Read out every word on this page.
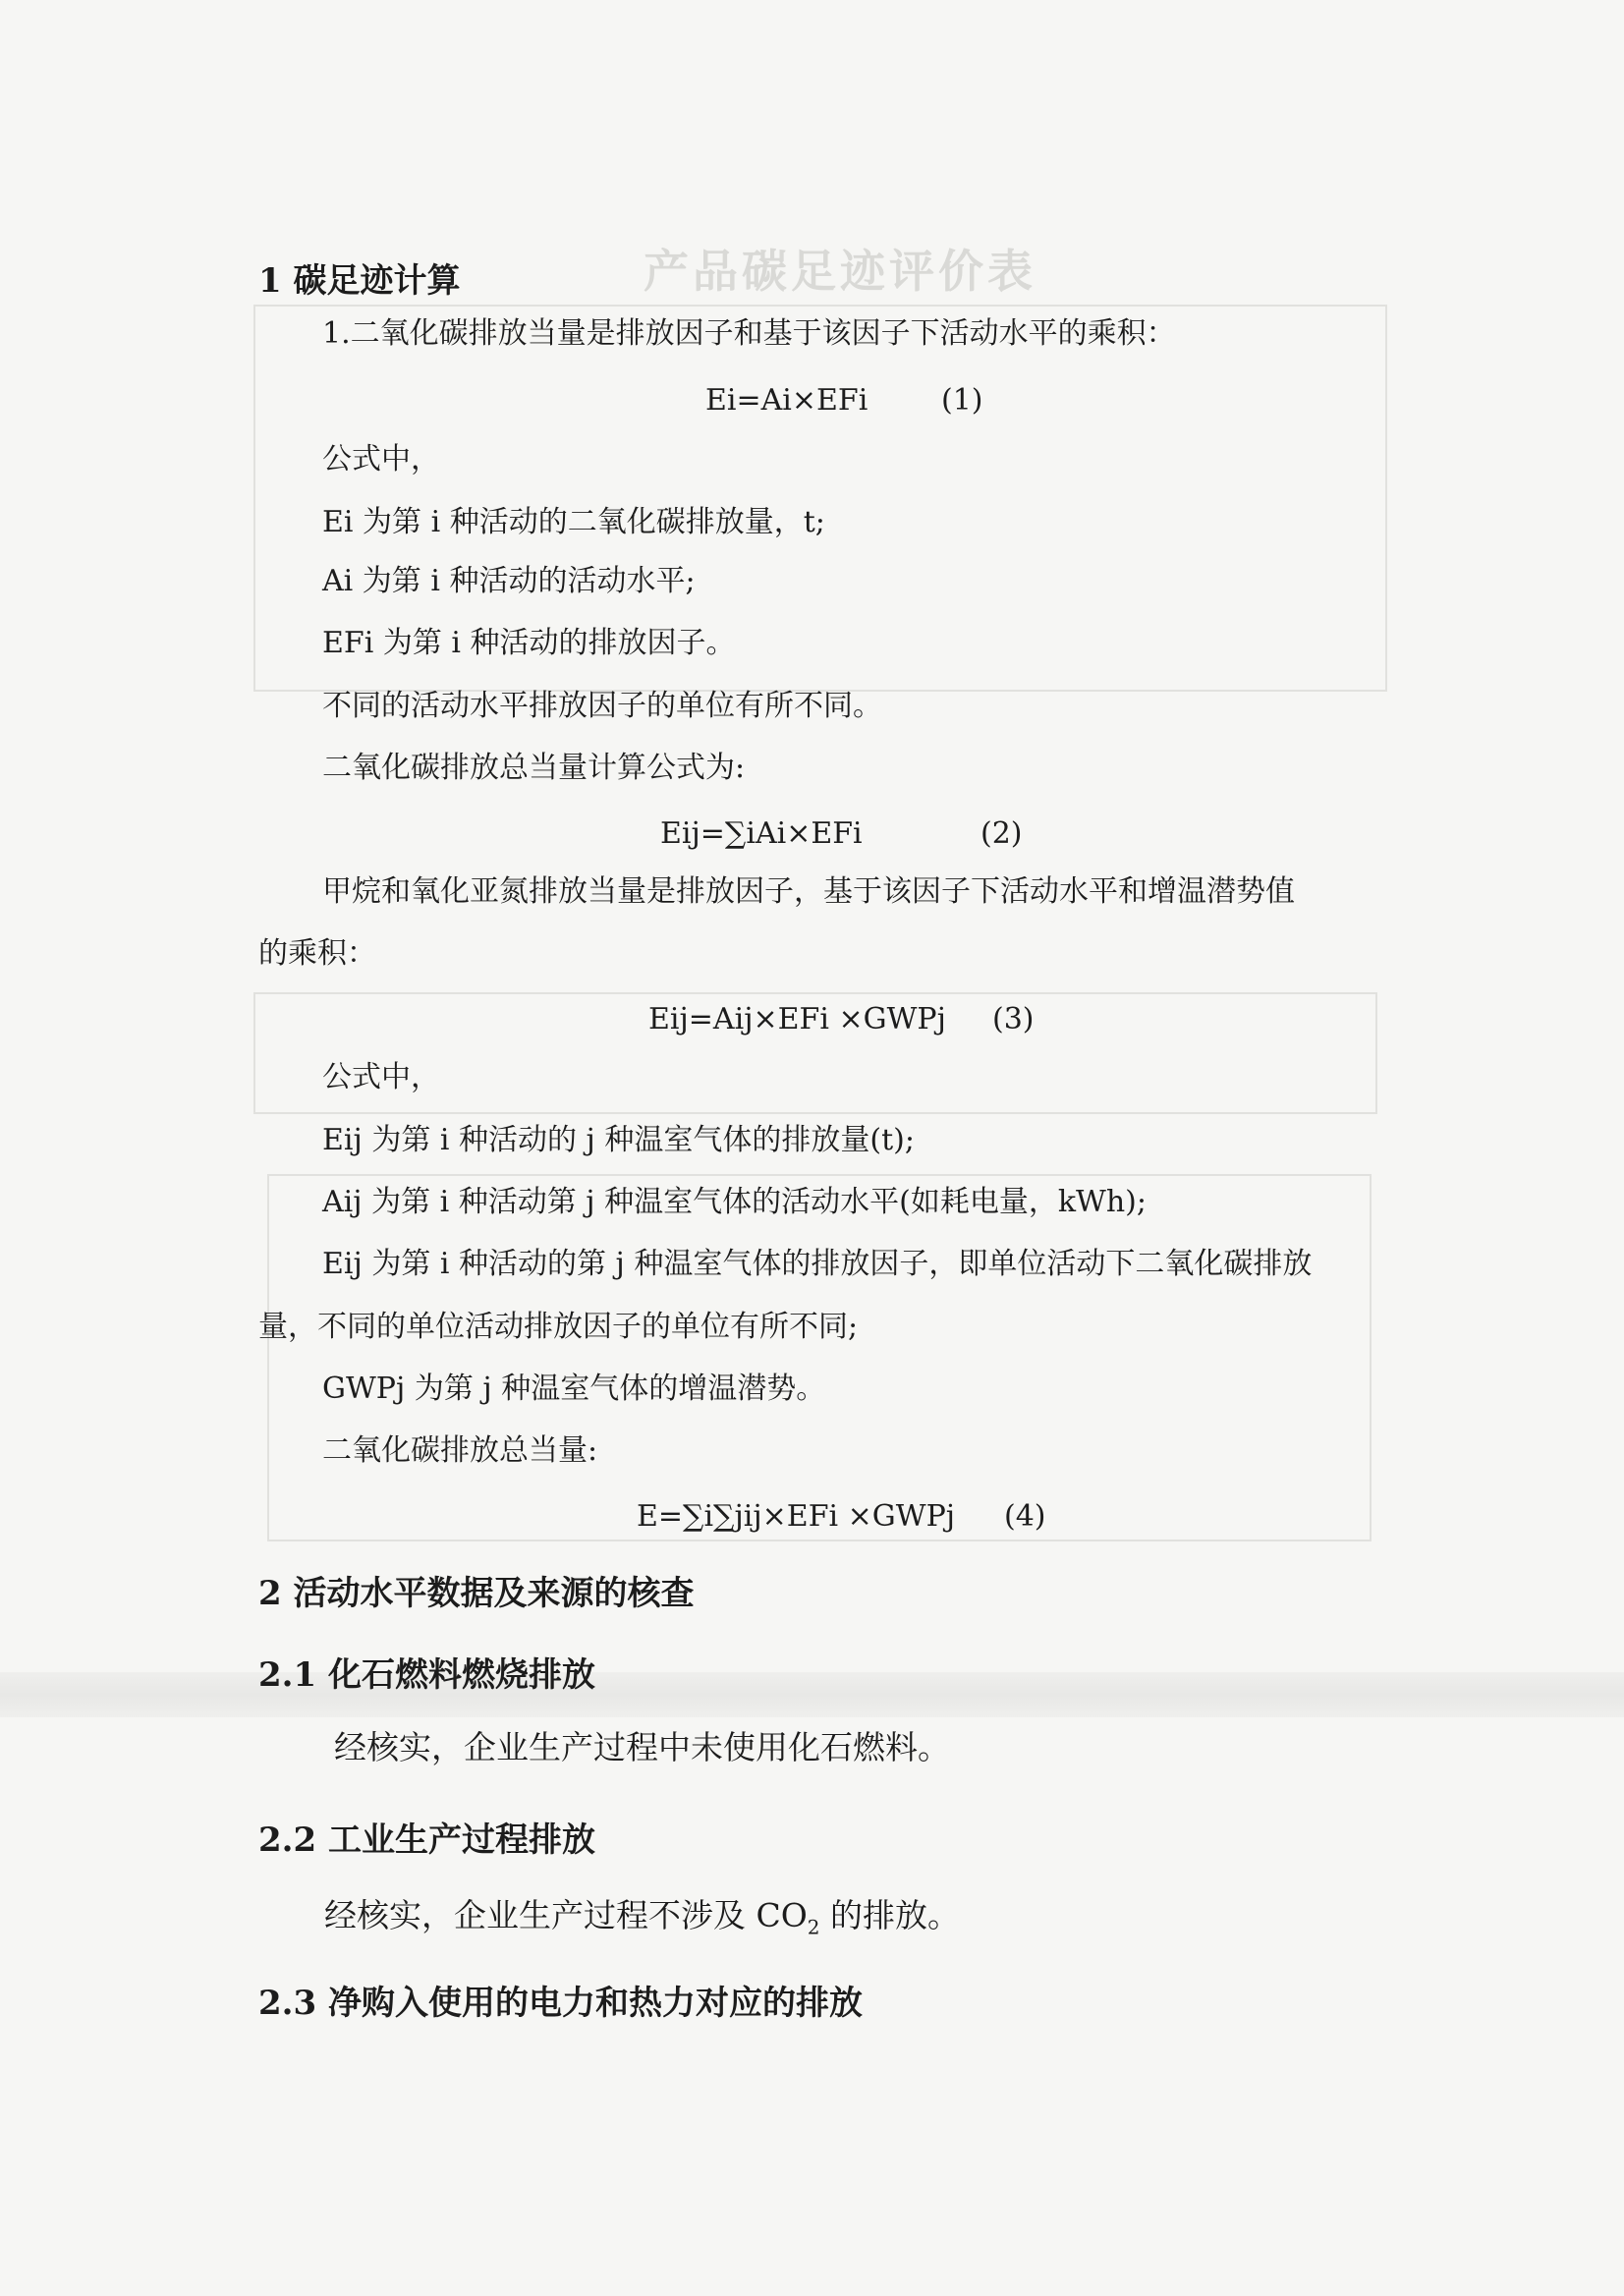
产品碳足迹评价表
1 碳足迹计算
1.二氧化碳排放当量是排放因子和基于该因子下活动水平的乘积：
Ei=Ai×EFi (1)
公式中，
Ei 为第 i 种活动的二氧化碳排放量，t;
Ai 为第 i 种活动的活动水平;
EFi 为第 i 种活动的排放因子。
不同的活动水平排放因子的单位有所不同。
二氧化碳排放总当量计算公式为:
Eij=∑iAi×EFi	(2)
甲烷和氧化亚氮排放当量是排放因子，基于该因子下活动水平和增温潜势值
的乘积：
Eij=Aij×EFi ×GWPj (3)
公式中，
Eij 为第 i 种活动的 j 种温室气体的排放量(t);
Aij 为第 i 种活动第 j 种温室气体的活动水平(如耗电量，kWh);
Eij 为第 i 种活动的第 j 种温室气体的排放因子，即单位活动下二氧化碳排放
量，不同的单位活动排放因子的单位有所不同;
GWPj 为第 j 种温室气体的增温潜势。
二氧化碳排放总当量:
E=∑i∑jij×EFi ×GWPj (4)
2 活动水平数据及来源的核查
2.1 化石燃料燃烧排放
经核实，企业生产过程中未使用化石燃料。
2.2 工业生产过程排放
经核实，企业生产过程不涉及 $CO_2$ 的排放。
2.3 净购入使用的电力和热力对应的排放
